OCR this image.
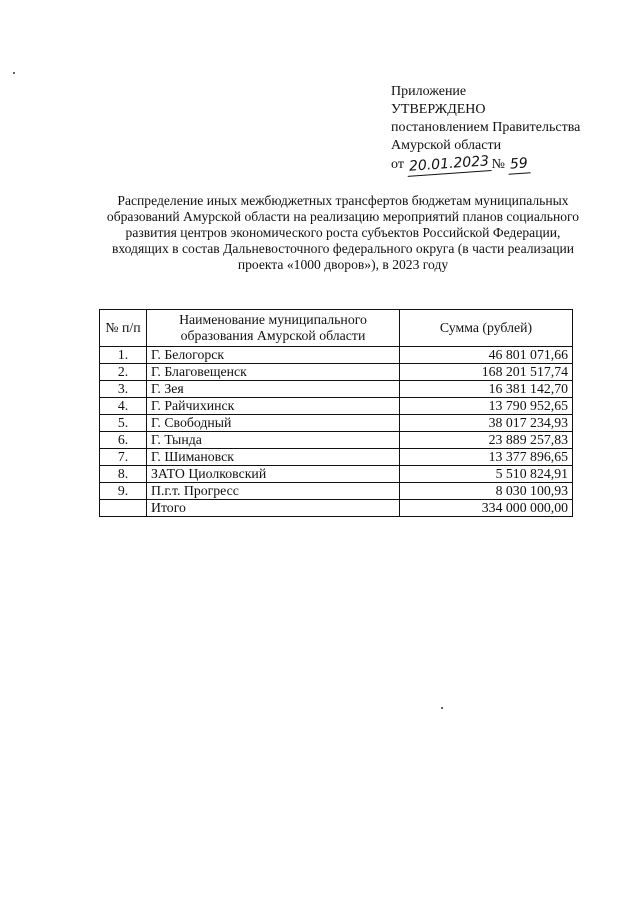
Приложение
УТВЕРЖДЕНО
постановлением Правительства
Амурской области
от 20.01.2023 № 59
Распределение иных межбюджетных трансфертов бюджетам муниципальных образований Амурской области на реализацию мероприятий планов социального развития центров экономического роста субъектов Российской Федерации, входящих в состав Дальневосточного федерального округа (в части реализации проекта «1000 дворов»), в 2023 году
№ п/п	Наименование муниципального образования Амурской области	Сумма (рублей)
1.	Г. Белогорск	46 801 071,66
2.	Г. Благовещенск	168 201 517,74
3.	Г. Зея	16 381 142,70
4.	Г. Райчихинск	13 790 952,65
5.	Г. Свободный	38 017 234,93
6.	Г. Тында	23 889 257,83
7.	Г. Шимановск	13 377 896,65
8.	ЗАТО Циолковский	5 510 824,91
9.	П.г.т. Прогресс	8 030 100,93
	Итого	334 000 000,00
